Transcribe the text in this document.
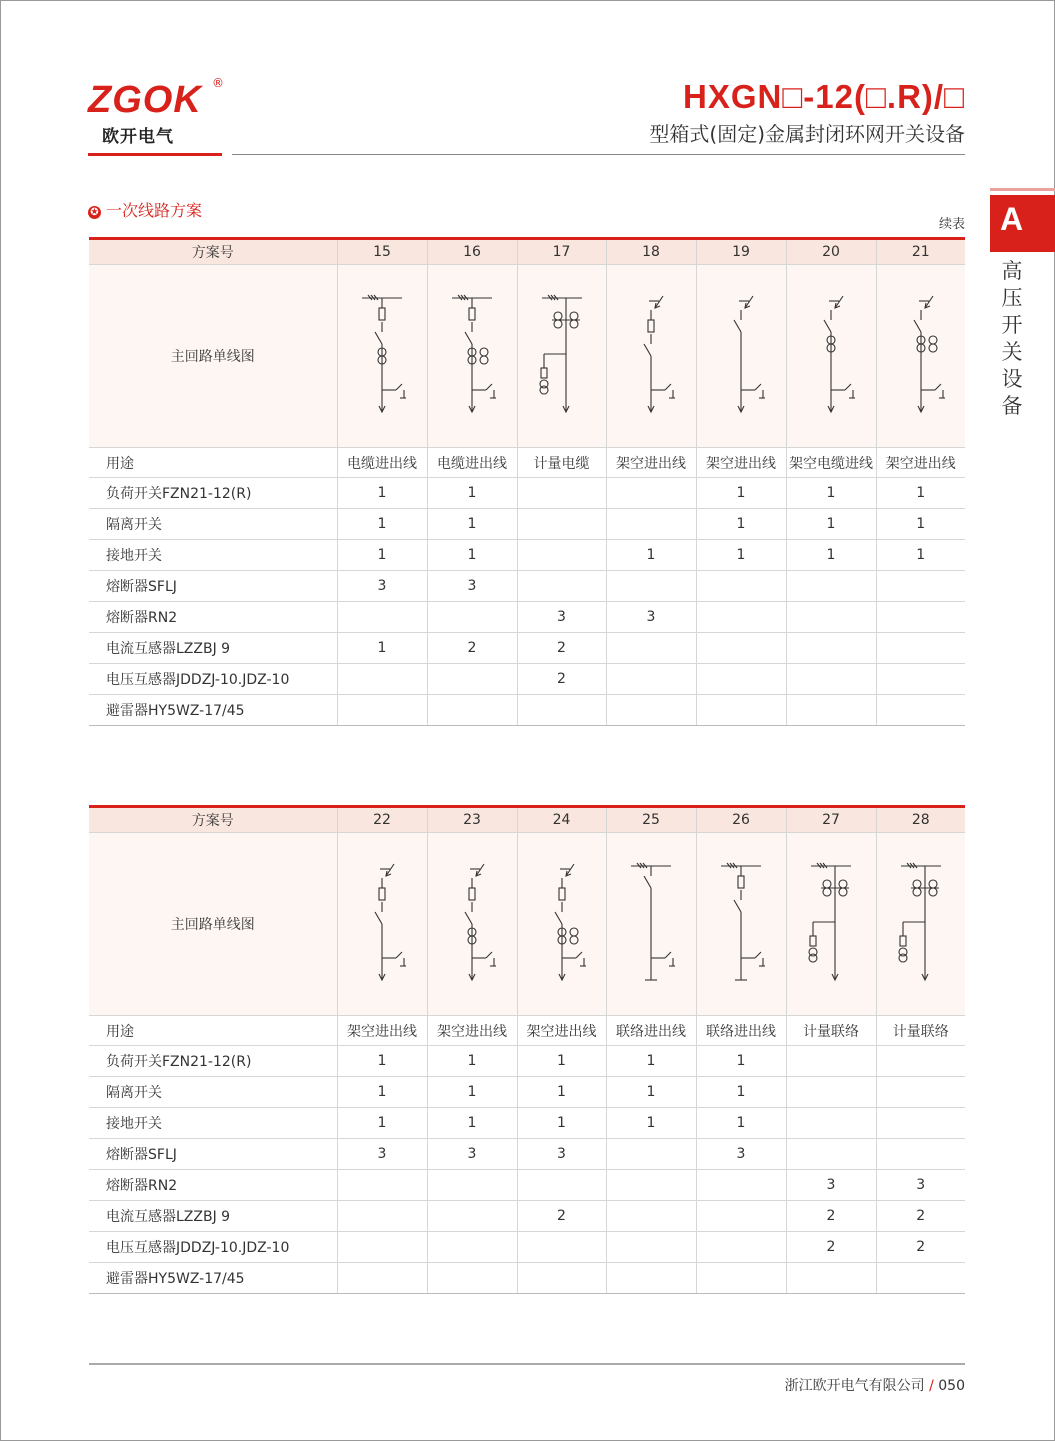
ZGOK ®
欧开电气
HXGN□-12(□.R)/□
型箱式(固定)金属封闭环网开关设备
A
高
压
开
关
设
备
✪ 一次线路方案
续表
方案号	15	16	17	18	19	20	21
主回路单线图	

用途	电缆进出线	电缆进出线	计量电缆	架空进出线	架空进出线	架空电缆进线	架空进出线
负荷开关FZN21-12(R)	1	1			1	1	1
隔离开关	1	1			1	1	1
接地开关	1	1		1	1	1	1
熔断器SFLJ	3	3					
熔断器RN2			3	3			
电流互感器LZZBJ 9	1	2	2				
电压互感器JDDZJ-10.JDZ-10			2				
避雷器HY5WZ-17/45							
方案号	22	23	24	25	26	27	28
主回路单线图	

用途	架空进出线	架空进出线	架空进出线	联络进出线	联络进出线	计量联络	计量联络
负荷开关FZN21-12(R)	1	1	1	1	1		
隔离开关	1	1	1	1	1		
接地开关	1	1	1	1	1		
熔断器SFLJ	3	3	3		3		
熔断器RN2						3	3
电流互感器LZZBJ 9			2			2	2
电压互感器JDDZJ-10.JDZ-10						2	2
避雷器HY5WZ-17/45							
浙江欧开电气有限公司 / 050
